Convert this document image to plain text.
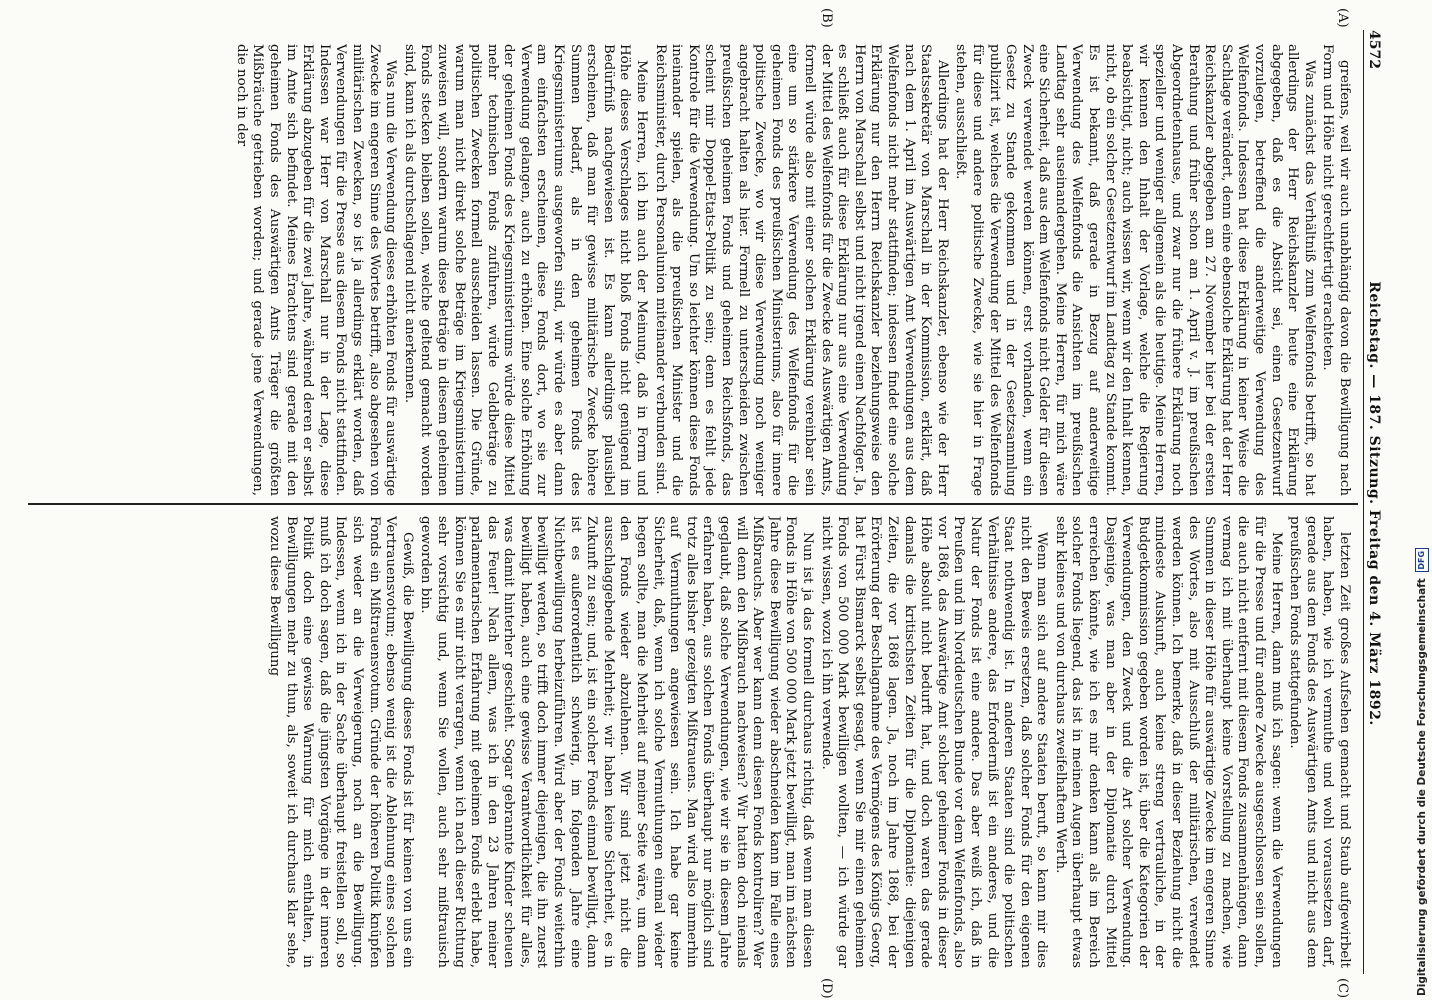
4572
Reichstag. — 187. Sitzung. Freitag den 4. März 1892.
(A)
(B)
(C)
(D)

greifens, weil wir auch unabhängig davon die Bewilligung nach Form und Höhe nicht gerechtfertigt erachteten.

Was zunächst das Verhältniß zum Welfenfonds betrifft, so hat allerdings der Herr Reichskanzler heute eine Erklärung abgegeben, daß es die Absicht sei, einen Gesetzentwurf vorzulegen, betreffend die anderweitige Verwendung des Welfenfonds. Indessen hat diese Erklärung in keiner Weise die Sachlage verändert, denn eine ebensolche Erklärung hat der Herr Reichskanzler abgegeben am 27. November hier bei der ersten Berathung und früher schon am 1. April v. J. im preußischen Abgeordnetenhause, und zwar nur die frühere Erklärung noch spezieller und weniger allgemein als die heutige. Meine Herren, wir kennen den Inhalt der Vorlage, welche die Regierung beabsichtigt, nicht; auch wissen wir, wenn wir den Inhalt kennen, nicht, ob ein solcher Gesetzentwurf im Landtag zu Stande kommt. Es ist bekannt, daß gerade in Bezug auf anderweitige Verwendung des Welfenfonds die Ansichten im preußischen Landtag sehr auseinandergehen. Meine Herren, für mich wäre eine Sicherheit, daß aus dem Welfenfonds nicht Gelder für diesen Zweck verwendet werden können, erst vorhanden, wenn ein Gesetz zu Stande gekommen und in der Gesetzsammlung publizirt ist, welches die Verwendung der Mittel des Welfenfonds für diese und andere politische Zwecke, wie sie hier in Frage stehen, ausschließt.

Allerdings hat der Herr Reichskanzler, ebenso wie der Herr Staatssekretär von Marschall in der Kommission, erklärt, daß nach dem 1. April im Auswärtigen Amt Verwendungen aus dem Welfenfonds nicht mehr stattfinden; indessen findet eine solche Erklärung nur den Herrn Reichskanzler beziehungsweise den Herrn von Marschall selbst und nicht irgend einen Nachfolger. Ja, es schließt auch für diese Erklärung nur aus eine Verwendung der Mittel des Welfenfonds für die Zwecke des Auswärtigen Amts, formell würde also mit einer solchen Erklärung vereinbar sein eine um so stärkere Verwendung des Welfenfonds für die geheimen Fonds des preußischen Ministeriums, also für innere politische Zwecke, wo wir diese Verwendung noch weniger angebracht halten als hier. Formell zu unterscheiden zwischen preußischen geheimen Fonds und geheimen Reichsfonds, das scheint mir Doppel-Etats-Politik zu sein; denn es fehlt jede Kontrole für die Verwendung. Um so leichter können diese Fonds ineinander spielen, als die preußischen Minister und die Reichsminister, durch Personalunion miteinander verbunden sind.

Meine Herren, ich bin auch der Meinung, daß in Form und Höhe dieses Verschlages nicht bloß Fonds nicht genügend im Bedürfniß nachgewiesen ist. Es kann allerdings plausibel erscheinen, daß man für gewisse militärische Zwecke höhere Summen bedarf, als in den geheimen Fonds des Kriegsministeriums ausgeworfen sind, wir würde es aber dann am einfachsten erscheinen, diese Fonds dort, wo sie zur Verwendung gelangen, auch zu erhöhen. Eine solche Erhöhung der geheimen Fonds des Kriegsministeriums würde diese Mittel mehr technischen Fonds zuführen, würde Geldbeträge zu politischen Zwecken formell ausscheiden lassen. Die Gründe, warum man nicht direkt solche Beträge im Kriegsministerium zuweisen will, sondern warum diese Beträge in diesem geheimen Fonds stecken bleiben sollen, welche geltend gemacht worden sind, kann ich als durchschlagend nicht anerkennen.

Was nun die Verwendung dieses erhöhten Fonds für auswärtige Zwecke im engeren Sinne des Wortes betrifft, also abgesehen von militärischen Zwecken, so ist ja allerdings erklärt worden, daß Verwendungen für die Presse aus diesem Fonds nicht stattfinden. Indessen war Herr von Marschall nur in der Lage, diese Erklärung abzugeben für die zwei Jahre, während deren er selbst im Amte sich befindet. Meines Erachtens sind gerade mit den geheimen Fonds des Auswärtigen Amts Träger die größten Mißbräuche getrieben worden; und gerade jene Verwendungen, die noch in der

letzten Zeit großes Aufsehen gemacht und Staub aufgewirbelt haben, haben, wie ich vermuthe und wohl voraussetzen darf, gerade aus dem Fonds des Auswärtigen Amts und nicht aus dem preußischen Fonds stattgefunden.

Meine Herren, dann muß ich sagen: wenn die Verwendungen für die Presse und für andere Zwecke ausgeschlossen sein sollen, die auch nicht entfernt mit diesem Fonds zusammenhängen, dann vermag ich mit überhaupt keine Vorstellung zu machen, wie Summen in dieser Höhe für auswärtige Zwecke im engeren Sinne des Wortes, also mit Ausschluß der militärischen, verwendet werden können. Ich bemerke, daß in dieser Beziehung nicht die mindeste Auskunft, auch keine streng vertrauliche, in der Budgetkommission gegeben worden ist, über die Kategorien der Verwendungen, den Zweck und die Art solcher Verwendung. Dasjenige, was man aber in der Diplomatie durch Mittel erreichen könnte, wie ich es mir denken kann als im Bereich solcher Fonds liegend, das ist in meinen Augen überhaupt etwas sehr kleines und von durchaus zweifelhaftem Werth.

Wenn man sich auf andere Staaten beruft, so kann mir dies nicht den Beweis ersetzen, daß solcher Fonds für den eigenen Staat nothwendig ist. In anderen Staaten sind die politischen Verhältnisse andere, das Erforderniß ist ein anderes, und die Natur der Fonds ist eine andere. Das aber weiß ich, daß in Preußen und im Norddeutschen Bunde vor dem Welfenfonds, also vor 1868, das Auswärtige Amt solcher geheimer Fonds in dieser Höhe absolut nicht bedurft hat, und doch waren das gerade damals die kritischsten Zeiten für die Diplomatie: diejenigen Zeiten, die vor 1868 lagen. Ja, noch im Jahre 1868, bei der Erörterung der Beschlagnahme des Vermögens des Königs Georg, hat Fürst Bismarck selbst gesagt, wenn Sie mir einen geheimen Fonds von 500 000 Mark bewilligen wollten, — ich würde gar nicht wissen, wozu ich ihn verwende.

Nun ist ja das formell durchaus richtig, daß wenn man diesen Fonds in Höhe von 500 000 Mark jetzt bewilligt, man im nächsten Jahre diese Bewilligung wieder abschneiden kann im Falle eines Mißbrauchs. Aber wer kann denn diesen Fonds kontroliren? Wer will denn den Mißbrauch nachweisen? Wir hatten doch niemals geglaubt, daß solche Verwendungen, wie wir sie in diesem Jahre erfahren haben, aus solchen Fonds überhaupt nur möglich sind trotz alles bisher gezeigten Mißtrauens. Man wird also immerhin auf Vermuthungen angewiesen sein. Ich habe gar keine Sicherheit, daß, wenn ich solche Vermuthungen einmal wieder hegen sollte, man die Mehrheit auf meiner Seite wäre, um dann den Fonds wieder abzulehnen. Wir sind jetzt nicht die ausschlaggebende Mehrheit; wir haben keine Sicherheit, es in Zukunft zu sein; und, ist ein solcher Fonds einmal bewilligt, dann ist es außerordentlich schwierig, im folgenden Jahre eine Nichtbewilligung herbeizuführen. Wird aber der Fonds weiterhin bewilligt werden, so trifft doch immer diejenigen, die ihn zuerst bewilligt haben, auch eine gewisse Verantwortlichkeit für alles, was damit hinterher geschieht. Sogar gebrannte Kinder scheuen das Feuer! Nach allem, was ich in den 23 Jahren meiner parlamentarischen Erfahrung mit geheimen Fonds erlebt habe, können Sie es mir nicht verargen, wenn ich nach dieser Richtung sehr vorsichtig und, wenn Sie wollen, auch sehr mißtrauisch geworden bin.

Gewiß, die Bewilligung dieses Fonds ist für keinen von uns ein Vertrauensvotum; ebenso wenig ist die Ablehnung eines solchen Fonds ein Mißtrauensvotum. Gründe der höheren Politik knüpfen sich weder an die Verweigerung, noch an die Bewilligung. Indessen, wenn ich in der Sache überhaupt freistellen soll, so muß ich doch sagen, daß die jüngsten Vorgänge in der inneren Politik doch eine gewisse Warnung für mich enthalten, in Bewilligungen mehr zu thun, als, soweit ich durchaus klar sehe, wozu diese Bewilligung	Digitalisierung gefördert durch die Deutsche Forschungsgemeinschaft
DFG
